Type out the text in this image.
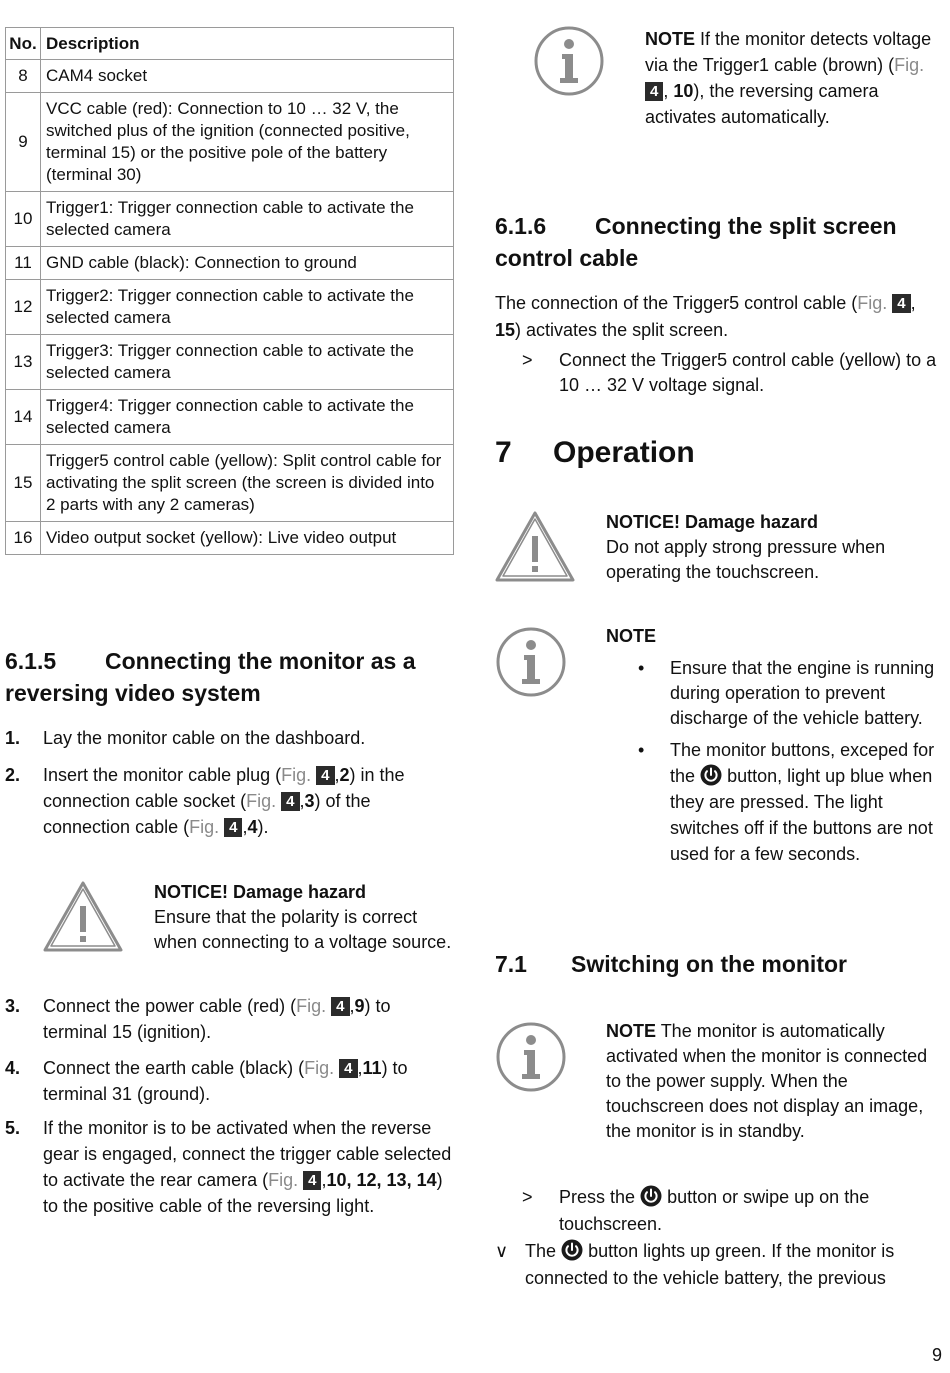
No.	Description
8	CAM4 socket
9	VCC cable (red): Connection to 10 … 32 V, the switched plus of the ignition (connected positive, terminal 15) or the positive pole of the battery (terminal 30)
10	Trigger1: Trigger connection cable to activate the selected camera
11	GND cable (black): Connection to ground
12	Trigger2: Trigger connection cable to activate the selected camera
13	Trigger3: Trigger connection cable to activate the selected camera
14	Trigger4: Trigger connection cable to activate the selected camera
15	Trigger5 control cable (yellow): Split control cable for activating the split screen (the screen is divided into 2 parts with any 2 cameras)
16	Video output socket (yellow): Live video output
6.1.5 Connecting the monitor as a
reversing video system
1. Lay the monitor cable on the dashboard.
2. Insert the monitor cable plug (Fig. 4 ,2) in the connection cable socket (Fig. 4 ,3) of the connection cable (Fig. 4 ,4).
NOTICE! Damage hazard
Ensure that the polarity is correct when connecting to a voltage source.
3. Connect the power cable (red) (Fig. 4 ,9) to terminal 15 (ignition).
4. Connect the earth cable (black) (Fig. 4 ,11) to terminal 31 (ground).
5. If the monitor is to be activated when the reverse gear is engaged, connect the trigger cable selected to activate the rear camera (Fig. 4 ,10, 12, 13, 14) to the positive cable of the reversing light.
NOTE If the monitor detects voltage via the Trigger1 cable (brown) (Fig. 4 , 10), the reversing camera activates automatically.
6.1.6 Connecting the split screen
control cable
The connection of the Trigger5 control cable (Fig. 4 , 15) activates the split screen.
> Connect the Trigger5 control cable (yellow) to a 10 … 32 V voltage signal.
7 Operation
NOTICE! Damage hazard
Do not apply strong pressure when operating the touchscreen.
NOTE
• Ensure that the engine is running during operation to prevent discharge of the vehicle battery.
• The monitor buttons, exceped for the button, light up blue when they are pressed. The light switches off if the buttons are not used for a few seconds.
7.1 Switching on the monitor
NOTE The monitor is automatically activated when the monitor is connected to the power supply. When the touchscreen does not display an image, the monitor is in standby.
> Press the button or swipe up on the touchscreen.
∨ The button lights up green. If the monitor is connected to the vehicle battery, the previous
9
